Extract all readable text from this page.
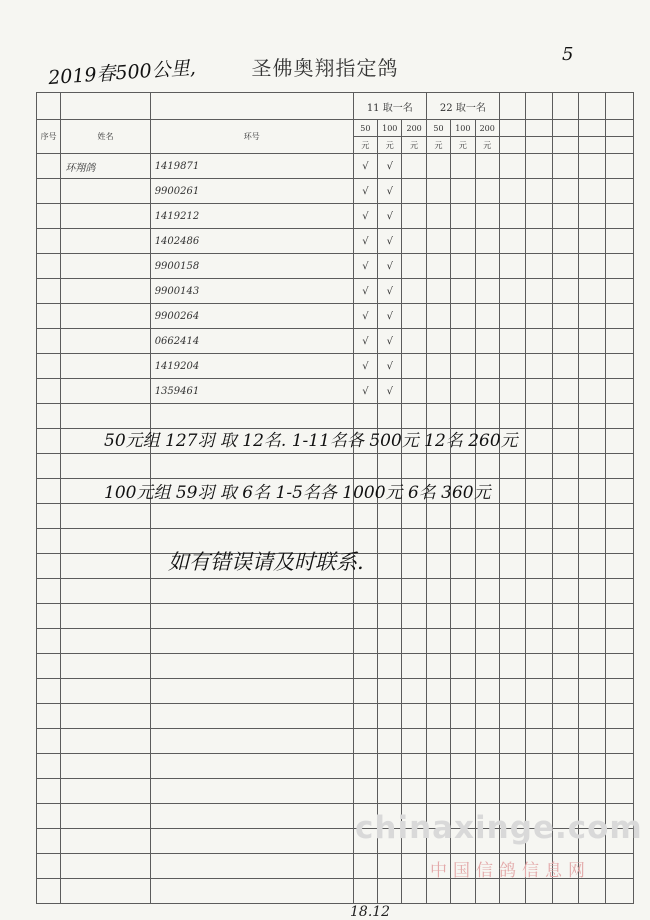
圣佛奥翔指定鸽
2019春500公里,
5
			11 取一名			22 取一名							
序号	姓名	环号	50	100	200	50	100	200					
			元	元	元	元	元	元					
	环翔鸽	1419871	√	√									
		9900261	√	√									
		1419212	√	√									
		1402486	√	√									
		9900158	√	√									
		9900143	√	√									
		9900264	√	√									
		0662414	√	√									
		1419204	√	√									
		1359461	√	√									

50元组 127羽 取 12名. 1-11名各 500元 12名 260元
100元组 59羽 取 6名 1-5名各 1000元 6名 360元
如有错误请及时联系.
chinaxinge.com
中国信鸽信息网
18.12
